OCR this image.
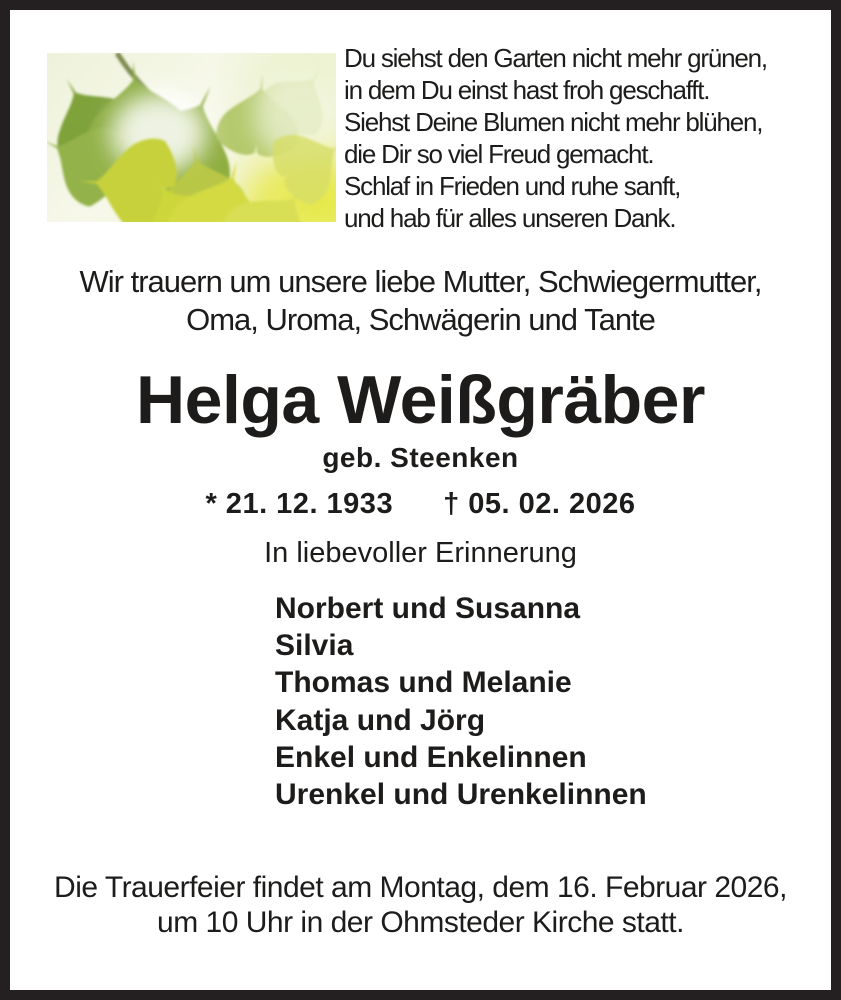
Du siehst den Garten nicht mehr grünen,
in dem Du einst hast froh geschafft.
Siehst Deine Blumen nicht mehr blühen,
die Dir so viel Freud gemacht.
Schlaf in Frieden und ruhe sanft,
und hab für alles unseren Dank.
Wir trauern um unsere liebe Mutter, Schwiegermutter,
Oma, Uroma, Schwägerin und Tante
Helga Weißgräber
geb. Steenken
* 21. 12. 1933 † 05. 02. 2026
In liebevoller Erinnerung
Norbert und Susanna
Silvia
Thomas und Melanie
Katja und Jörg
Enkel und Enkelinnen
Urenkel und Urenkelinnen
Die Trauerfeier findet am Montag, dem 16. Februar 2026,
um 10 Uhr in der Ohmsteder Kirche statt.
